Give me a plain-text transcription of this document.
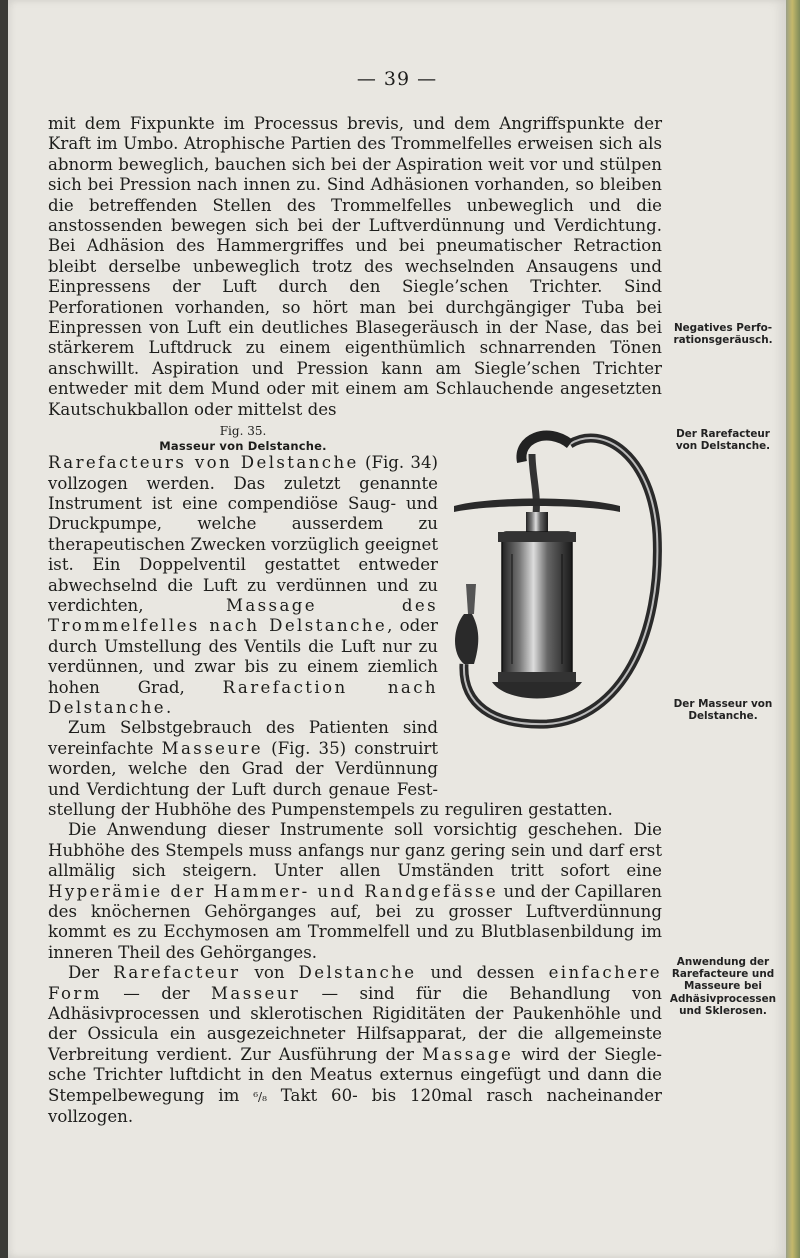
— 39 —

mit dem Fixpunkte im Processus brevis, und dem Angriffspunkte der Kraft im Umbo. Atrophische Partien des Trommelfelles erweisen sich als abnorm beweglich, bauchen sich bei der Aspiration weit vor und stülpen sich bei Pression nach innen zu. Sind Adhäsionen vorhanden, so bleiben die betreffenden Stellen des Trommelfelles unbeweglich und die anstossenden bewegen sich bei der Luftverdünnung und Verdichtung. Bei Adhäsion des Hammergriffes und bei pneumatischer Retraction bleibt derselbe unbeweglich trotz des wechselnden Ansaugens und Einpressens der Luft durch den Siegle’schen Trichter. Sind Perforationen vorhanden, so hört man bei durchgängiger Tuba bei Einpressen von Luft ein deutliches Blasegeräusch in der Nase, das bei stärkerem Luftdruck zu einem eigenthümlich schnarrenden Tönen anschwillt. Aspiration und Pression kann am Siegle’schen Trichter entweder mit dem Mund oder mit einem am Schlauchende angesetzten Kautschukballon oder mittelst des

Fig. 35.
Masseur von Delstanche.
Rarefacteurs von Delstanche (Fig. 34) vollzogen werden. Das zuletzt genannte Instrument ist eine compendiöse Saug- und Druckpumpe, welche ausserdem zu therapeutischen Zwecken vorzüglich geeignet ist. Ein Doppelventil gestattet entweder abwechselnd die Luft zu verdünnen und zu verdichten, Massage des Trommelfelles nach Delstanche, oder durch Umstellung des Ventils die Luft nur zu verdünnen, und zwar bis zu einem ziemlich hohen Grad, Rarefaction nach Delstanche.

Zum Selbstgebrauch des Patienten sind vereinfachte Masseure (Fig. 35) construirt worden, welche den Grad der Verdünnung und Verdichtung der Luft durch genaue Feststellung der Hubhöhe des Pumpenstempels zu reguliren gestatten.

Die Anwendung dieser Instrumente soll vorsichtig geschehen. Die Hubhöhe des Stempels muss anfangs nur ganz gering sein und darf erst allmälig sich steigern. Unter allen Umständen tritt sofort eine Hyperämie der Hammer- und Randgefässe und der Capillaren des knöchernen Gehörganges auf, bei zu grosser Luftverdünnung kommt es zu Ecchymosen am Trommelfell und zu Blutblasenbildung im inneren Theil des Gehörganges.

Der Rarefacteur von Delstanche und dessen einfachere Form — der Masseur — sind für die Behandlung von Adhäsivprocessen und sklerotischen Rigiditäten der Paukenhöhle und der Ossicula ein ausgezeichneter Hilfsapparat, der die allgemeinste Verbreitung verdient. Zur Ausführung der Massage wird der Sieglesche Trichter luftdicht in den Meatus externus eingefügt und dann die Stempelbewegung im ⁶/₈ Takt 60- bis 120mal rasch nacheinander vollzogen.

Negatives Perforationsgeräusch.
Der Rarefacteur von Delstanche.
Der Masseur von Delstanche.
Anwendung der Rarefacteure und Masseure bei Adhäsivprocessen und Sklerosen.
